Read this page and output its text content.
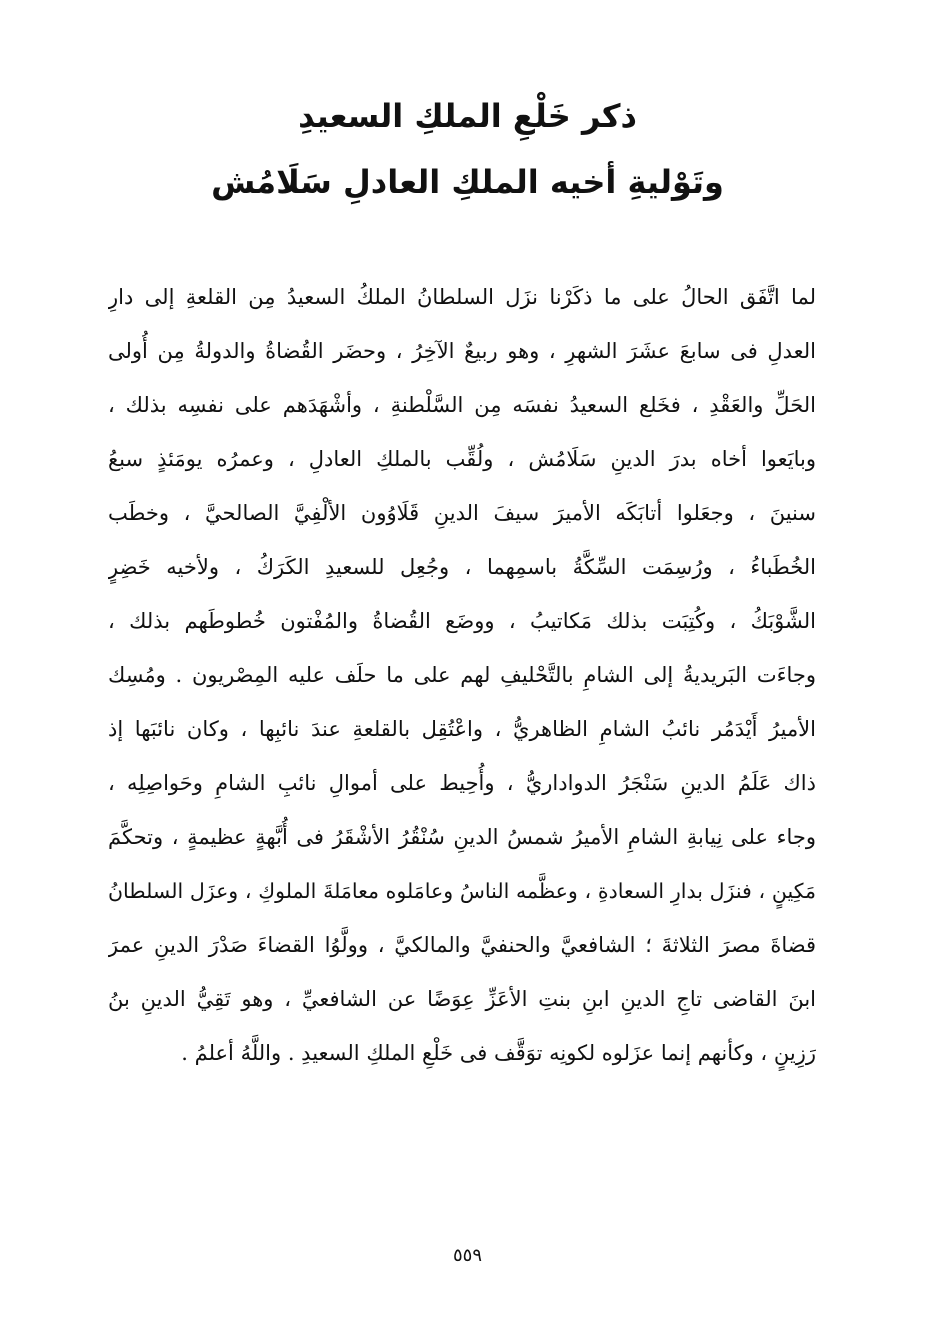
ذكر خَلْعِ الملكِ السعيدِ
وتَوْليةِ أخيه الملكِ العادلِ سَلَامُش
لما اتَّفَق الحالُ على ما ذكَرْنا نزَل السلطانُ الملكُ السعيدُ مِن القلعةِ إلى دارِ
العدلِ فى سابعَ عشَرَ الشهرِ ، وهو ربيعٌ الآخِرُ ، وحضَر القُضاةُ والدولةُ مِن أُولى
الحَلِّ والعَقْدِ ، فخَلع السعيدُ نفسَه مِن السَّلْطنةِ ، وأشْهَدَهم على نفسِه بذلك ،
وبايَعوا أخاه بدرَ الدينِ سَلَامُش ، ولُقِّب بالملكِ العادلِ ، وعمرُه يومَئذٍ سبعُ
سنينَ ، وجعَلوا أتابَكَه الأميرَ سيفَ الدينِ قَلَاوُون الألْفِيَّ الصالحيَّ ، وخطَب
الخُطَباءُ ، ورُسِمَت السِّكَّةُ باسمِهما ، وجُعِل للسعيدِ الكَرَكُ ، ولأخيه خَضِرٍ
الشَّوْبَكُ ، وكُتِبَت بذلك مَكاتيبُ ، ووضَع القُضاةُ والمُفْتون خُطوطَهم بذلك ،
وجاءَت البَريديةُ إلى الشامِ بالتَّحْليفِ لهم على ما حلَف عليه المِصْريون . ومُسِك
الأميرُ أَيْدَمُر نائبُ الشامِ الظاهريُّ ، واعْتُقِل بالقلعةِ عندَ نائبِها ، وكان نائبَها إذ
ذاك عَلَمُ الدينِ سَنْجَرُ الدواداريُّ ، وأُحِيط على أموالِ نائبِ الشامِ وحَواصِلِه ،
وجاء على نِيابةِ الشامِ الأميرُ شمسُ الدينِ سُنْقُرُ الأشْقَرُ فى أُبَّهةٍ عظيمةٍ ، وتحكَّمَ
مَكِينٍ ، فنزَل بدارِ السعادةِ ، وعظَّمه الناسُ وعامَلوه معامَلةَ الملوكِ ، وعزَل السلطانُ
قضاةَ مصرَ الثلاثةَ ؛ الشافعيَّ والحنفيَّ والمالكيَّ ، وولَّوُا القضاءَ صَدْرَ الدينِ عمرَ
ابنَ القاضى تاجِ الدينِ ابنِ بنتِ الأعَزِّ عِوَضًا عن الشافعيِّ ، وهو تَقِيُّ الدينِ بنُ
رَزِينٍ ، وكأنهم إنما عزَلوه لكونِه توَقَّف فى خَلْعِ الملكِ السعيدِ . واللَّهُ أعلمُ .
٥٥٩
